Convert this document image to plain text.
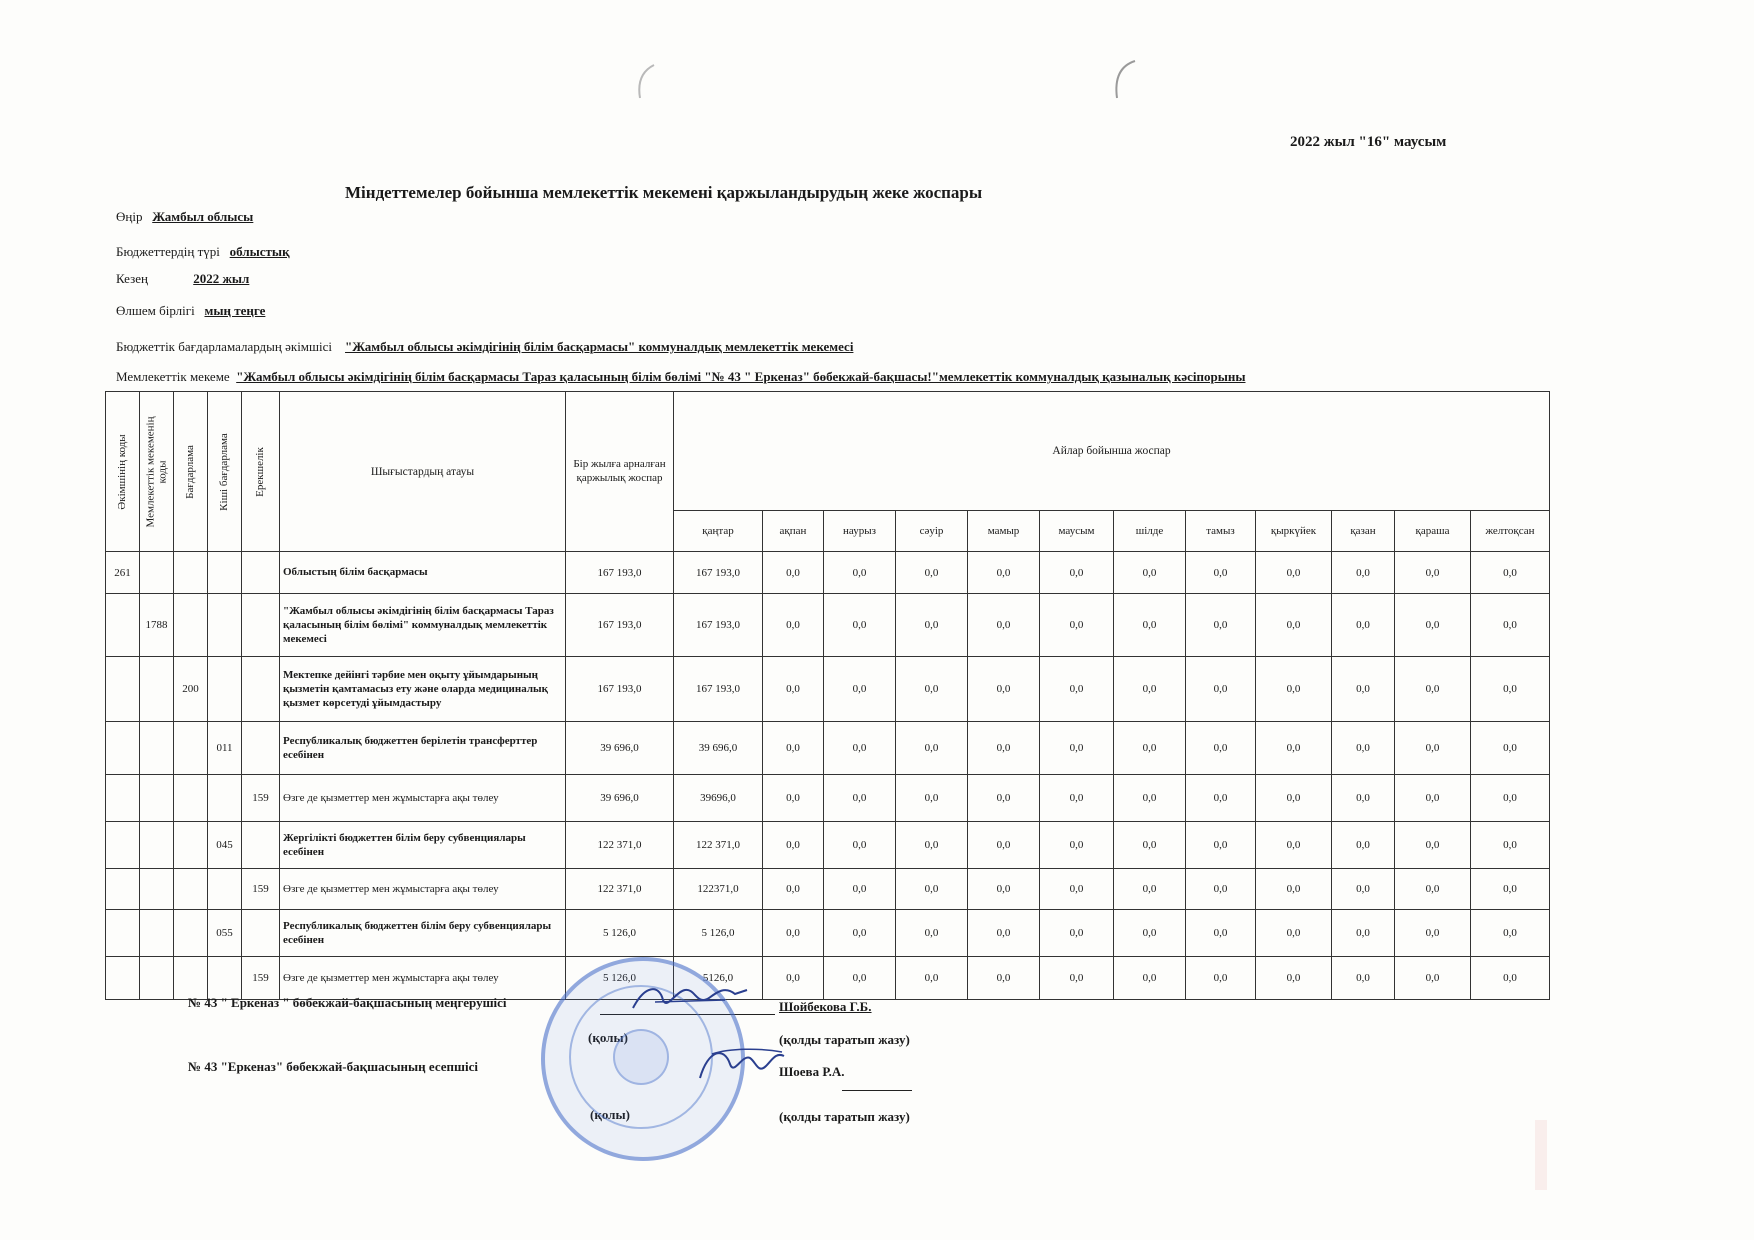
2022 жыл "16" маусым
Міндеттемелер бойынша мемлекеттік мекемені қаржыландырудың жеке жоспары
Өңір Жамбыл облысы
Бюджеттердің түрі облыстық
Кезең	2022 жыл
Өлшем бірлігі мың теңге
Бюджеттік бағдарламалардың әкімшісі "Жамбыл облысы әкімдігінің білім басқармасы" коммуналдық мемлекеттік мекемесі
Мемлекеттік мекеме "Жамбыл облысы әкімдігінің білім басқармасы Тараз қаласының білім бөлімі "№ 43 " Еркеназ" бөбекжай-бақшасы!"мемлекеттік коммуналдық қазыналық кәсіпорыны
Әкімшінің коды	Мемлекеттік мекеменің коды	Бағдарлама	Кіші бағдарлама	Ерекшелік	Шығыстардың атауы	Бір жылға арналған қаржылық жоспар	Айлар бойынша жоспар											
							қаңтар	ақпан	наурыз	сәуір	мамыр	маусым	шілде	тамыз	қыркүйек	қазан	қараша	желтоқсан
261					Облыстың білім басқармасы	167 193,0	167 193,0	0,0	0,0	0,0	0,0	0,0	0,0	0,0	0,0	0,0	0,0	0,0
	1788				"Жамбыл облысы әкімдігінің білім басқармасы Тараз қаласының білім бөлімі" коммуналдық мемлекеттік мекемесі	167 193,0	167 193,0	0,0	0,0	0,0	0,0	0,0	0,0	0,0	0,0	0,0	0,0	0,0
		200			Мектепке дейінгі тәрбие мен оқыту ұйымдарының қызметін қамтамасыз ету және оларда медициналық қызмет көрсетуді ұйымдастыру	167 193,0	167 193,0	0,0	0,0	0,0	0,0	0,0	0,0	0,0	0,0	0,0	0,0	0,0
			011		Республикалық бюджеттен берілетін трансферттер есебінен	39 696,0	39 696,0	0,0	0,0	0,0	0,0	0,0	0,0	0,0	0,0	0,0	0,0	0,0
				159	Өзге де қызметтер мен жұмыстарға ақы төлеу	39 696,0	39696,0	0,0	0,0	0,0	0,0	0,0	0,0	0,0	0,0	0,0	0,0	0,0
			045		Жергілікті бюджеттен білім беру субвенциялары есебінен	122 371,0	122 371,0	0,0	0,0	0,0	0,0	0,0	0,0	0,0	0,0	0,0	0,0	0,0
				159	Өзге де қызметтер мен жұмыстарға ақы төлеу	122 371,0	122371,0	0,0	0,0	0,0	0,0	0,0	0,0	0,0	0,0	0,0	0,0	0,0
			055		Республикалық бюджеттен білім беру субвенциялары есебінен	5 126,0	5 126,0	0,0	0,0	0,0	0,0	0,0	0,0	0,0	0,0	0,0	0,0	0,0
				159	Өзге де қызметтер мен жұмыстарға ақы төлеу	5 126,0	5126,0	0,0	0,0	0,0	0,0	0,0	0,0	0,0	0,0	0,0	0,0	0,0
№ 43 " Еркеназ " бөбекжай-бақшасының меңгерушісі	Шойбекова Г.Б.
(қолы)	(қолды таратып жазу)
№ 43 "Еркеназ" бөбекжай-бақшасының есепшісі	Шоева Р.А.
(қолы)	(қолды таратып жазу)
